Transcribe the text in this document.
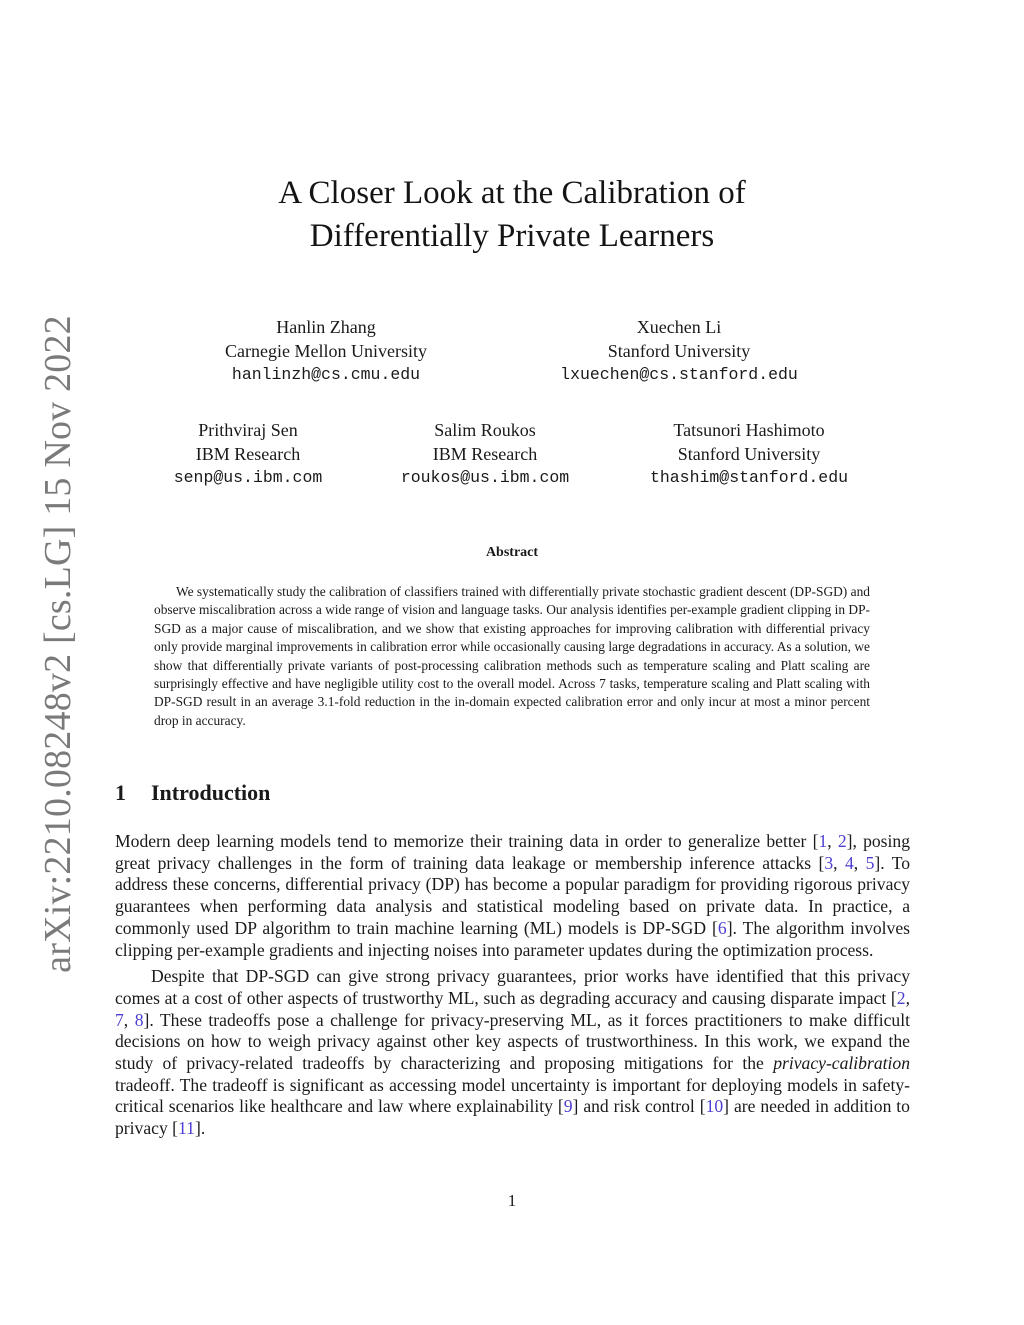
arXiv:2210.08248v2 [cs.LG] 15 Nov 2022
A Closer Look at the Calibration of
Differentially Private Learners
Hanlin Zhang
Carnegie Mellon University
hanlinzh@cs.cmu.edu
Xuechen Li
Stanford University
lxuechen@cs.stanford.edu
Prithviraj Sen
IBM Research
senp@us.ibm.com
Salim Roukos
IBM Research
roukos@us.ibm.com
Tatsunori Hashimoto
Stanford University
thashim@stanford.edu
Abstract
We systematically study the calibration of classifiers trained with differentially private stochastic gradient descent (DP-SGD) and observe miscalibration across a wide range of vision and language tasks. Our analysis identifies per-example gradient clipping in DP-SGD as a major cause of miscalibration, and we show that existing approaches for improving calibration with differential privacy only provide marginal improvements in calibration error while occasionally causing large degradations in accuracy. As a solution, we show that differentially private variants of post-processing calibration methods such as temperature scaling and Platt scaling are surprisingly effective and have negligible utility cost to the overall model. Across 7 tasks, temperature scaling and Platt scaling with DP-SGD result in an average 3.1-fold reduction in the in-domain expected calibration error and only incur at most a minor percent drop in accuracy.
1 Introduction

Modern deep learning models tend to memorize their training data in order to generalize better [1, 2], posing great privacy challenges in the form of training data leakage or membership inference attacks [3, 4, 5]. To address these concerns, differential privacy (DP) has become a popular paradigm for providing rigorous privacy guarantees when performing data analysis and statistical modeling based on private data. In practice, a commonly used DP algorithm to train machine learning (ML) models is DP-SGD [6]. The algorithm involves clipping per-example gradients and injecting noises into parameter updates during the optimization process.

Despite that DP-SGD can give strong privacy guarantees, prior works have identified that this privacy comes at a cost of other aspects of trustworthy ML, such as degrading accuracy and causing disparate impact [2, 7, 8]. These tradeoffs pose a challenge for privacy-preserving ML, as it forces practitioners to make difficult decisions on how to weigh privacy against other key aspects of trustworthiness. In this work, we expand the study of privacy-related tradeoffs by characterizing and proposing mitigations for the privacy-calibration tradeoff. The tradeoff is significant as accessing model uncertainty is important for deploying models in safety-critical scenarios like healthcare and law where explainability [9] and risk control [10] are needed in addition to privacy [11].

1
